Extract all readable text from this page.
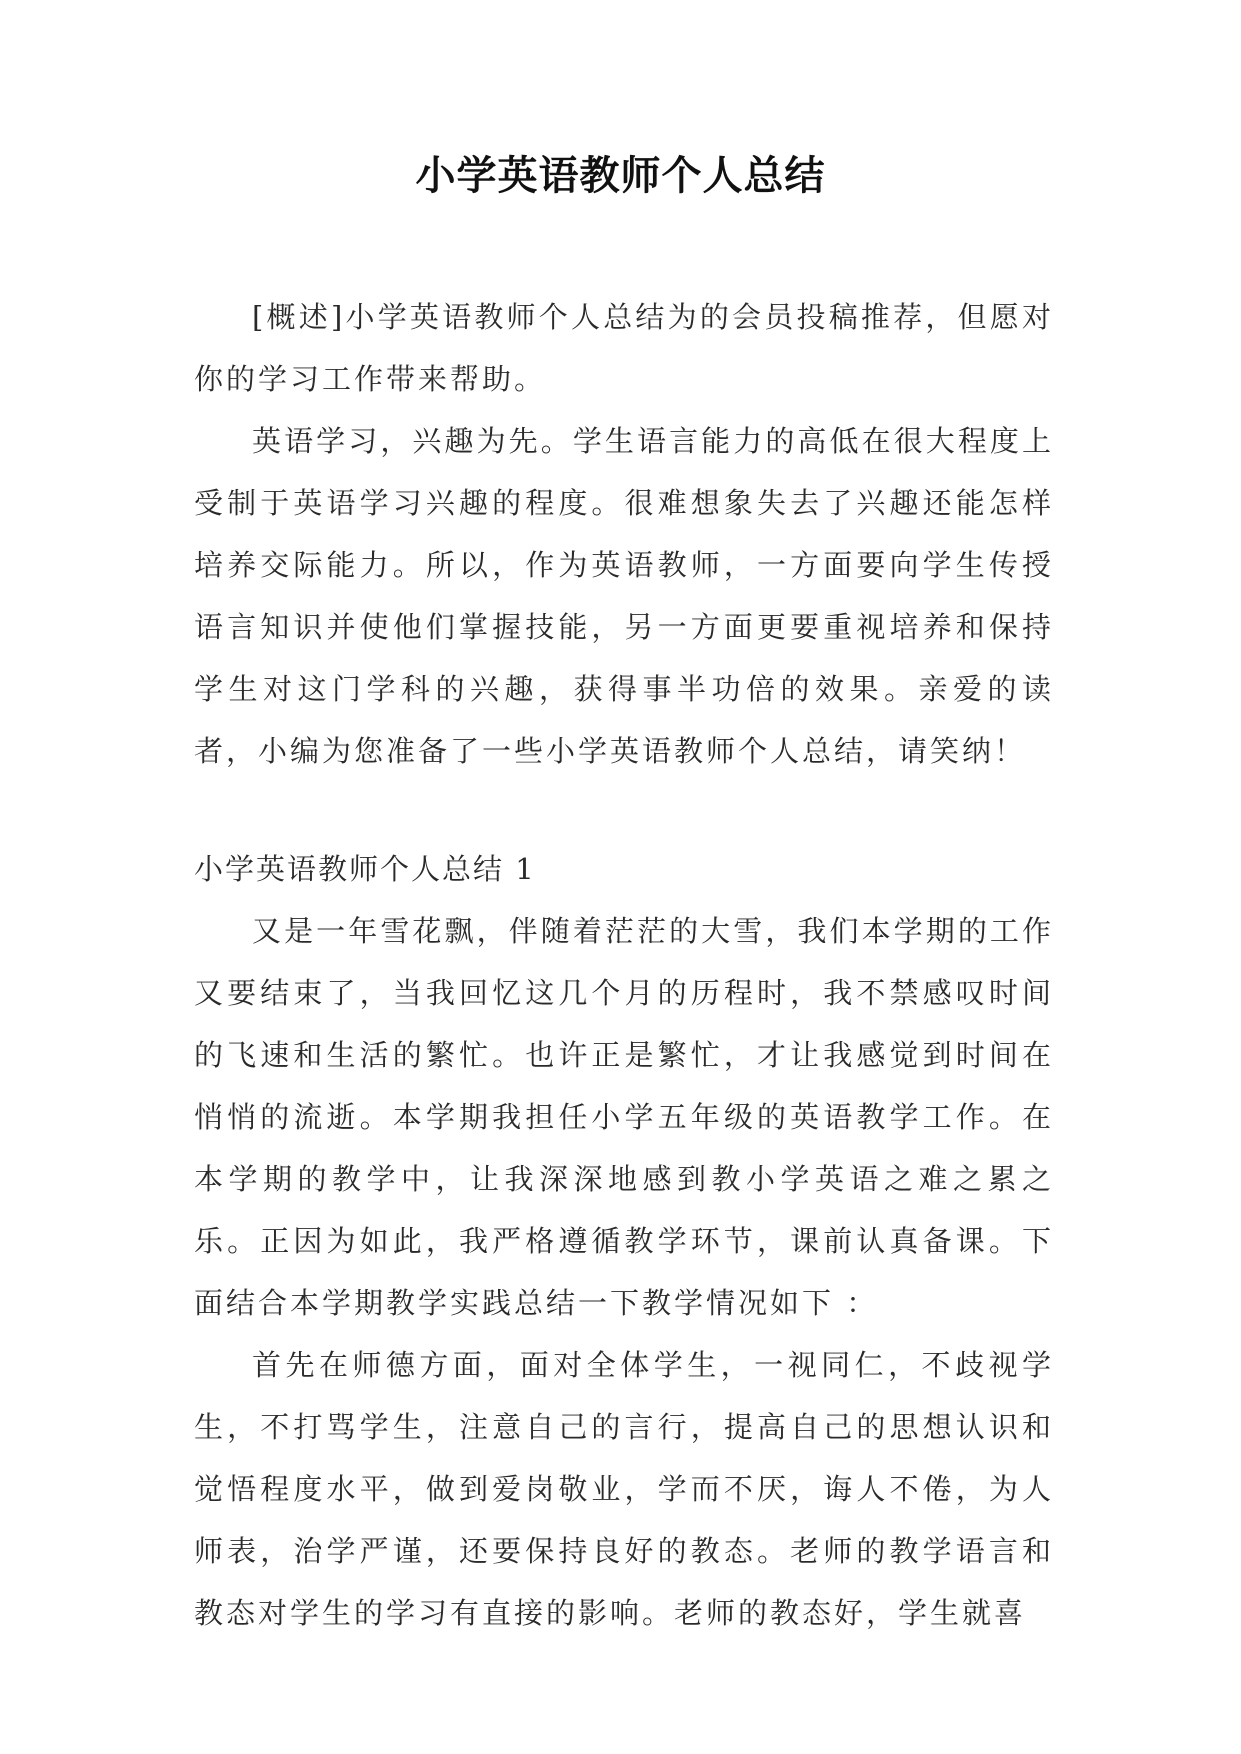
小学英语教师个人总结

[概述]小学英语教师个人总结为的会员投稿推荐，但愿对你的学习工作带来帮助。

英语学习，兴趣为先。学生语言能力的高低在很大程度上受制于英语学习兴趣的程度。很难想象失去了兴趣还能怎样培养交际能力。所以，作为英语教师，一方面要向学生传授语言知识并使他们掌握技能，另一方面更要重视培养和保持学生对这门学科的兴趣，获得事半功倍的效果。亲爱的读者，小编为您准备了一些小学英语教师个人总结，请笑纳！

小学英语教师个人总结 1

又是一年雪花飘，伴随着茫茫的大雪，我们本学期的工作又要结束了，当我回忆这几个月的历程时，我不禁感叹时间的飞速和生活的繁忙。也许正是繁忙，才让我感觉到时间在悄悄的流逝。本学期我担任小学五年级的英语教学工作。在本学期的教学中，让我深深地感到教小学英语之难之累之乐。正因为如此，我严格遵循教学环节，课前认真备课。下面结合本学期教学实践总结一下教学情况如下 ：

首先在师德方面，面对全体学生，一视同仁，不歧视学生，不打骂学生，注意自己的言行，提高自己的思想认识和觉悟程度水平，做到爱岗敬业，学而不厌，诲人不倦，为人师表，治学严谨，还要保持良好的教态。老师的教学语言和教态对学生的学习有直接的影响。老师的教态好，学生就喜
